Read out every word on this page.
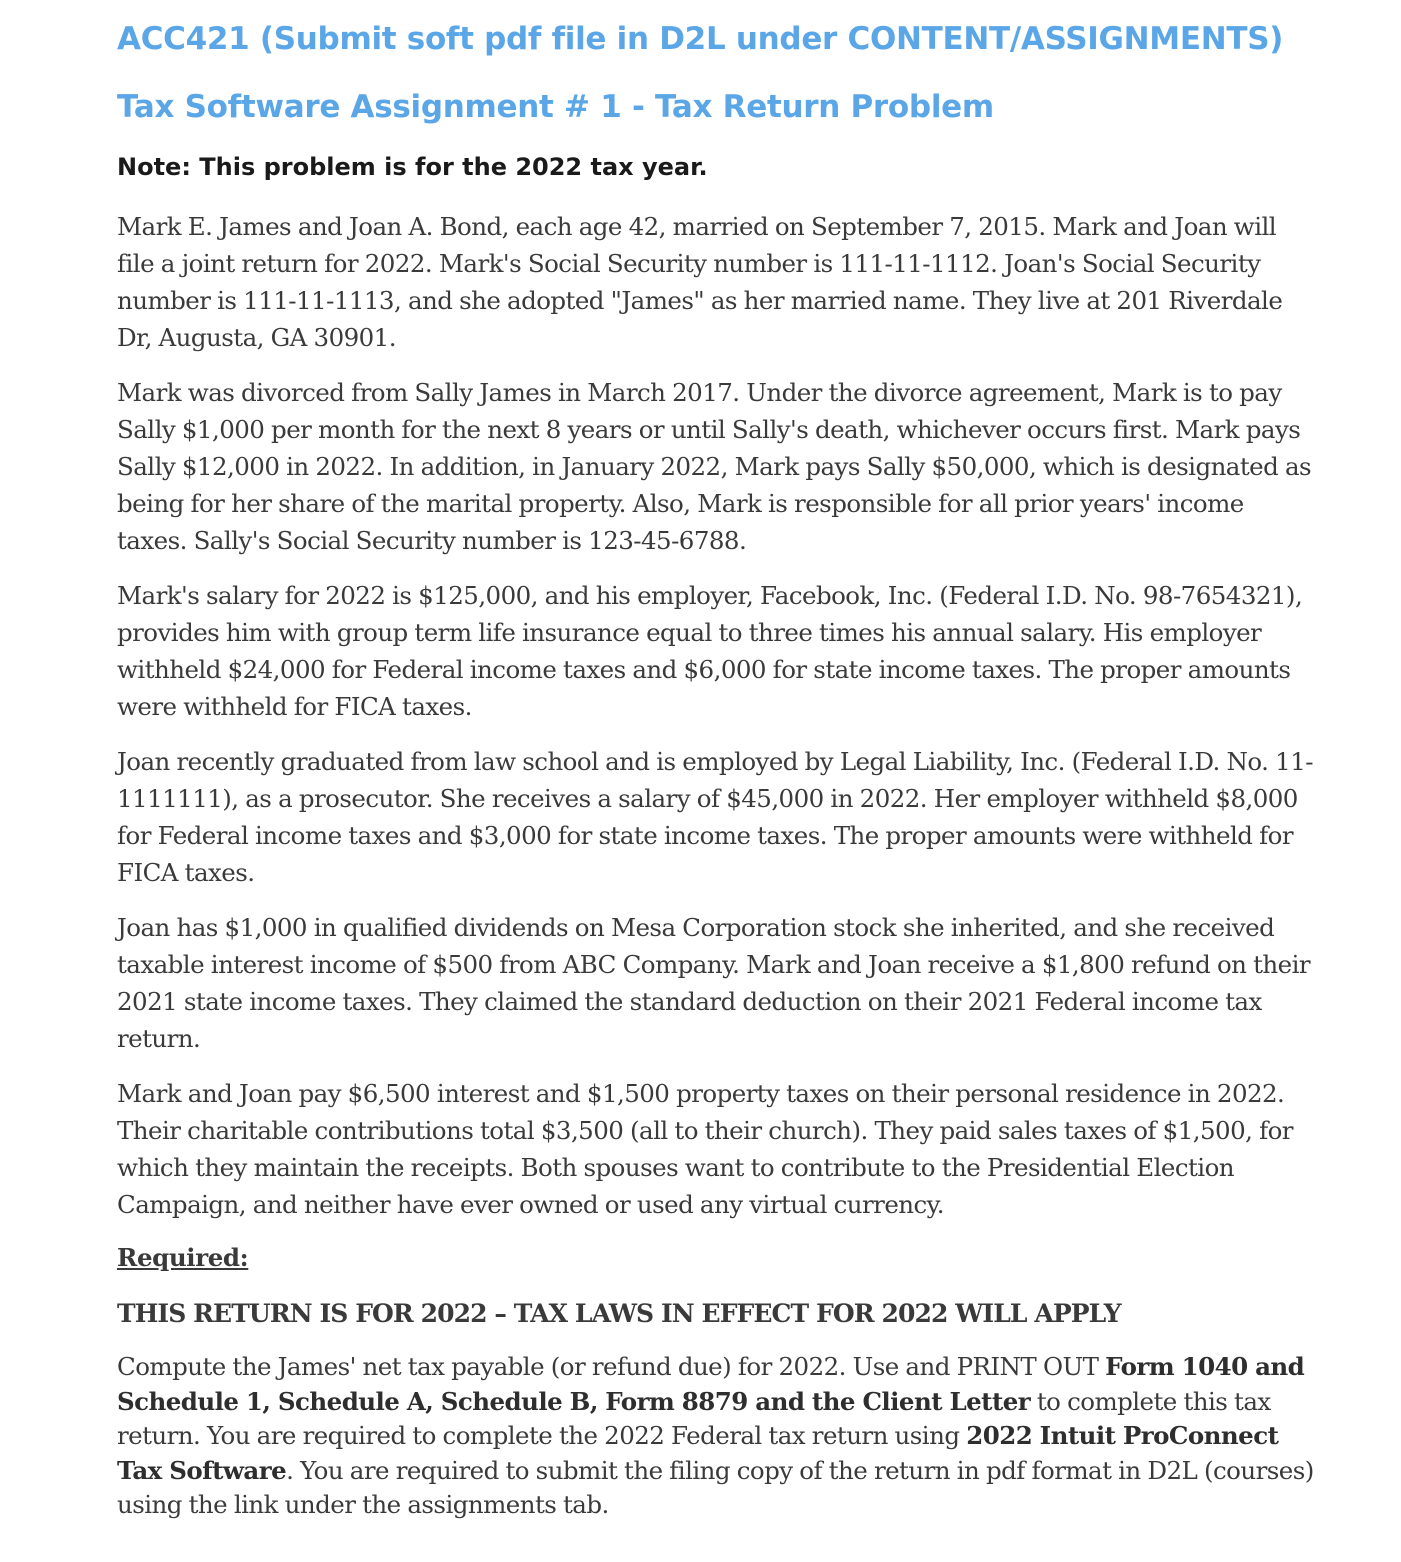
ACC421 (Submit soft pdf file in D2L under CONTENT/ASSIGNMENTS)
Tax Software Assignment # 1 - Tax Return Problem

Note: This problem is for the 2022 tax year.

Mark E. James and Joan A. Bond, each age 42, married on September 7, 2015. Mark and Joan will file a joint return for 2022. Mark's Social Security number is 111-11-1112. Joan's Social Security number is 111-11-1113, and she adopted "James" as her married name. They live at 201 Riverdale Dr, Augusta, GA 30901.

Mark was divorced from Sally James in March 2017. Under the divorce agreement, Mark is to pay Sally $1,000 per month for the next 8 years or until Sally's death, whichever occurs first. Mark pays Sally $12,000 in 2022. In addition, in January 2022, Mark pays Sally $50,000, which is designated as being for her share of the marital property. Also, Mark is responsible for all prior years' income taxes. Sally's Social Security number is 123-45-6788.

Mark's salary for 2022 is $125,000, and his employer, Facebook, Inc. (Federal I.D. No. 98-7654321), provides him with group term life insurance equal to three times his annual salary. His employer withheld $24,000 for Federal income taxes and $6,000 for state income taxes. The proper amounts were withheld for FICA taxes.

Joan recently graduated from law school and is employed by Legal Liability, Inc. (Federal I.D. No. 11-1111111), as a prosecutor. She receives a salary of $45,000 in 2022. Her employer withheld $8,000 for Federal income taxes and $3,000 for state income taxes. The proper amounts were withheld for FICA taxes.

Joan has $1,000 in qualified dividends on Mesa Corporation stock she inherited, and she received taxable interest income of $500 from ABC Company. Mark and Joan receive a $1,800 refund on their 2021 state income taxes. They claimed the standard deduction on their 2021 Federal income tax return.

Mark and Joan pay $6,500 interest and $1,500 property taxes on their personal residence in 2022. Their charitable contributions total $3,500 (all to their church). They paid sales taxes of $1,500, for which they maintain the receipts. Both spouses want to contribute to the Presidential Election Campaign, and neither have ever owned or used any virtual currency.

Required:
THIS RETURN IS FOR 2022 – TAX LAWS IN EFFECT FOR 2022 WILL APPLY

Compute the James' net tax payable (or refund due) for 2022. Use and PRINT OUT Form 1040 and Schedule 1, Schedule A, Schedule B, Form 8879 and the Client Letter to complete this tax return. You are required to complete the 2022 Federal tax return using 2022 Intuit ProConnect Tax Software. You are required to submit the filing copy of the return in pdf format in D2L (courses) using the link under the assignments tab.
